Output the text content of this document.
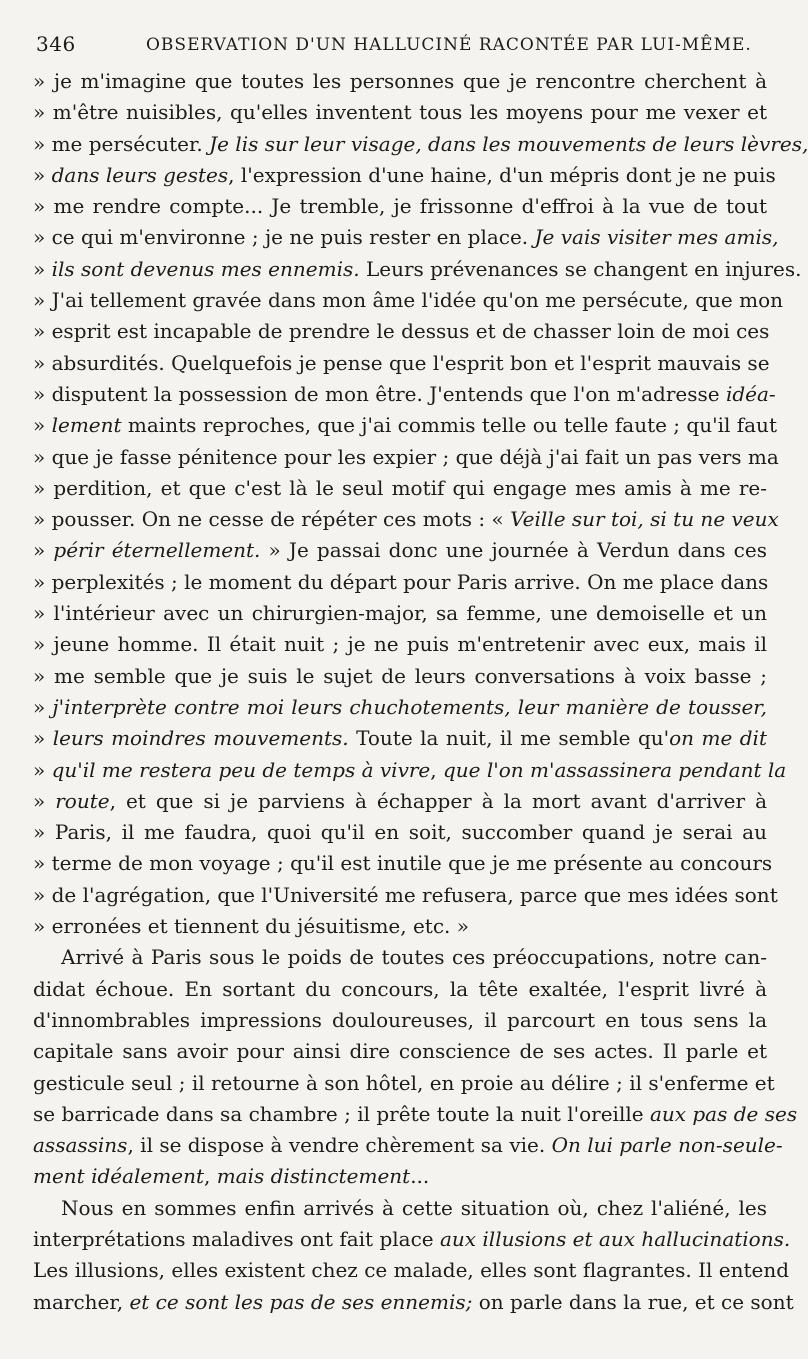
346	OBSERVATION D'UN HALLUCINÉ RACONTÉE PAR LUI-MÊME.
» je m'imagine que toutes les personnes que je rencontre cherchent à
» m'être nuisibles, qu'elles inventent tous les moyens pour me vexer et
» me persécuter. Je lis sur leur visage, dans les mouvements de leurs lèvres,
» dans leurs gestes, l'expression d'une haine, d'un mépris dont je ne puis
» me rendre compte... Je tremble, je frissonne d'effroi à la vue de tout
» ce qui m'environne ; je ne puis rester en place. Je vais visiter mes amis,
» ils sont devenus mes ennemis. Leurs prévenances se changent en injures.
» J'ai tellement gravée dans mon âme l'idée qu'on me persécute, que mon
» esprit est incapable de prendre le dessus et de chasser loin de moi ces
» absurdités. Quelquefois je pense que l'esprit bon et l'esprit mauvais se
» disputent la possession de mon être. J'entends que l'on m'adresse idéa-
» lement maints reproches, que j'ai commis telle ou telle faute ; qu'il faut
» que je fasse pénitence pour les expier ; que déjà j'ai fait un pas vers ma
» perdition, et que c'est là le seul motif qui engage mes amis à me re-
» pousser. On ne cesse de répéter ces mots : « Veille sur toi, si tu ne veux
» périr éternellement. » Je passai donc une journée à Verdun dans ces
» perplexités ; le moment du départ pour Paris arrive. On me place dans
» l'intérieur avec un chirurgien-major, sa femme, une demoiselle et un
» jeune homme. Il était nuit ; je ne puis m'entretenir avec eux, mais il
» me semble que je suis le sujet de leurs conversations à voix basse ;
» j'interprète contre moi leurs chuchotements, leur manière de tousser,
» leurs moindres mouvements. Toute la nuit, il me semble qu'on me dit
» qu'il me restera peu de temps à vivre, que l'on m'assassinera pendant la
» route, et que si je parviens à échapper à la mort avant d'arriver à
» Paris, il me faudra, quoi qu'il en soit, succomber quand je serai au
» terme de mon voyage ; qu'il est inutile que je me présente au concours
» de l'agrégation, que l'Université me refusera, parce que mes idées sont
» erronées et tiennent du jésuitisme, etc. »
Arrivé à Paris sous le poids de toutes ces préoccupations, notre can-
didat échoue. En sortant du concours, la tête exaltée, l'esprit livré à
d'innombrables impressions douloureuses, il parcourt en tous sens la
capitale sans avoir pour ainsi dire conscience de ses actes. Il parle et
gesticule seul ; il retourne à son hôtel, en proie au délire ; il s'enferme et
se barricade dans sa chambre ; il prête toute la nuit l'oreille aux pas de ses
assassins, il se dispose à vendre chèrement sa vie. On lui parle non-seule-
ment idéalement, mais distinctement...
Nous en sommes enfin arrivés à cette situation où, chez l'aliéné, les
interprétations maladives ont fait place aux illusions et aux hallucinations.
Les illusions, elles existent chez ce malade, elles sont flagrantes. Il entend
marcher, et ce sont les pas de ses ennemis; on parle dans la rue, et ce sont
